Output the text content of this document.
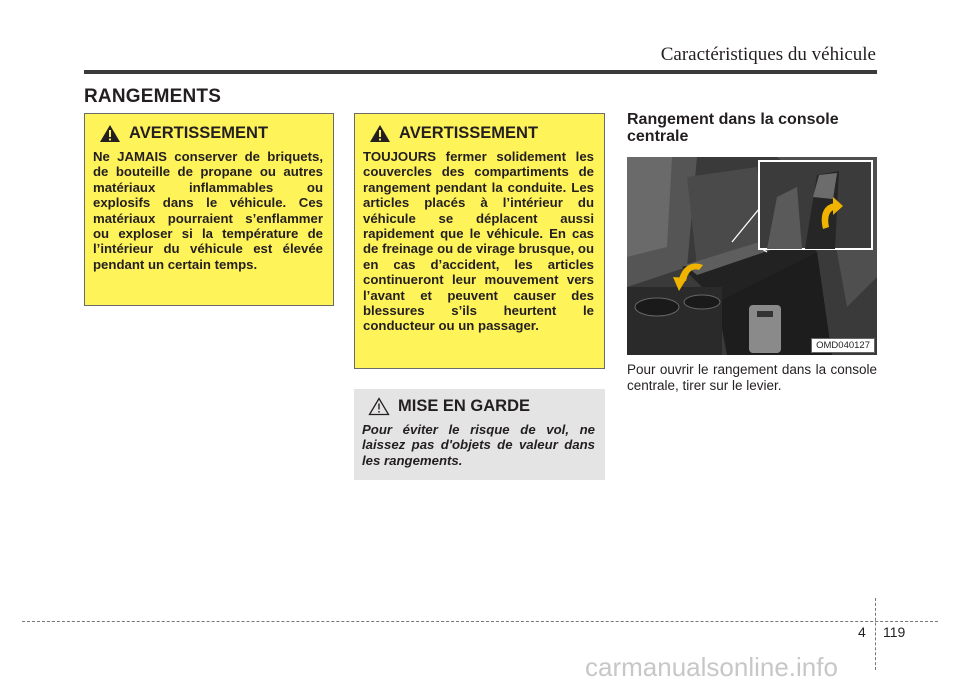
Caractéristiques du véhicule
RANGEMENTS
AVERTISSEMENT

Ne JAMAIS conserver de briquets, de bouteille de propane ou autres matériaux inflammables ou explosifs dans le véhicule. Ces matériaux pourraient s’enflammer ou exploser si la température de l’intérieur du véhicule est élevée pendant un certain temps.

AVERTISSEMENT

TOUJOURS fermer solidement les couvercles des compartiments de rangement pendant la conduite. Les articles placés à l’intérieur du véhicule se déplacent aussi rapidement que le véhicule. En cas de freinage ou de virage brusque, ou en cas d’accident, les articles continueront leur mouvement vers l’avant et peuvent causer des blessures s’ils heurtent le conducteur ou un passager.

MISE EN GARDE

Pour éviter le risque de vol, ne laissez pas d'objets de valeur dans les rangements.

Rangement dans la console centrale
OMD040127

Pour ouvrir le rangement dans la console centrale, tirer sur le levier.

4 119
carmanualsonline.info
